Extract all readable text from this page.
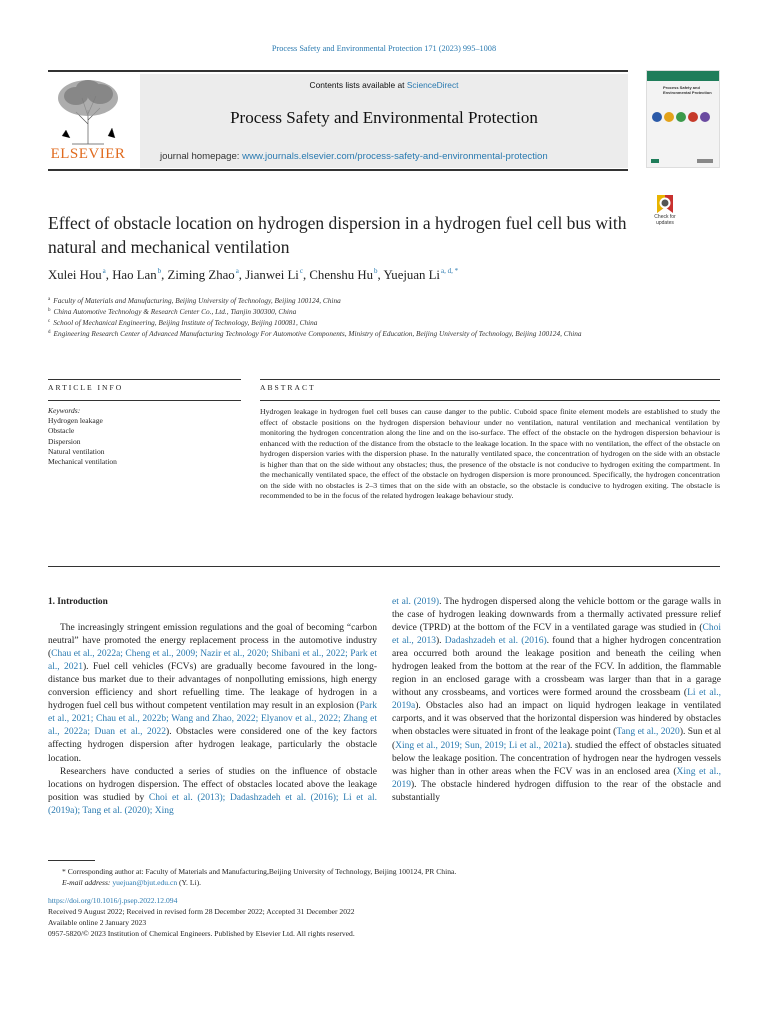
Process Safety and Environmental Protection 171 (2023) 995–1008
ELSEVIER
Contents lists available at ScienceDirect
Process Safety and Environmental Protection
journal homepage: www.journals.elsevier.com/process-safety-and-environmental-protection
Process Safety and Environmental Protection
Check for updates
Effect of obstacle location on hydrogen dispersion in a hydrogen fuel cell bus with natural and mechanical ventilation
Xulei Hou$^a$, Hao Lan$^b$, Ziming Zhao$^a$, Jianwei Li$^c$, Chenshu Hu$^b$, Yuejuan $Li^{a, d, *}$
$^a$ Faculty of Materials and Manufacturing, Beijing University of Technology, Beijing 100124, China
$^b$ China Automotive Technology & Research Center Co., Ltd., Tianjin 300300, China
$^c$ School of Mechanical Engineering, Beijing Institute of Technology, Beijing 100081, China
$^d$ Engineering Research Center of Advanced Manufacturing Technology For Automotive Components, Ministry of Education, Beijing University of Technology, Beijing 100124, China
ARTICLE INFO	ABSTRACT
Keywords:
Hydrogen leakage
Obstacle
Dispersion
Natural ventilation
Mechanical ventilation
Hydrogen leakage in hydrogen fuel cell buses can cause danger to the public. Cuboid space finite element models are established to study the effect of obstacle positions on the hydrogen dispersion behaviour under no ventilation, natural ventilation and mechanical ventilation by monitoring the hydrogen concentration along the line and on the iso-surface. The effect of the obstacle on the hydrogen dispersion behaviour is enhanced with the reduction of the distance from the obstacle to the leakage location. In the space with no ventilation, the effect of the obstacle on hydrogen dispersion varies with the dispersion phase. In the naturally ventilated space, the concentration of hydrogen on the side with an obstacle is higher than that on the side without any obstacles; thus, the presence of the obstacle is not conducive to hydrogen exiting the compartment. In the mechanically ventilated space, the effect of the obstacle on hydrogen dispersion is more pronounced. Specifically, the hydrogen concentration on the side with no obstacles is 2–3 times that on the side with an obstacle, so the obstacle is conducive to hydrogen exiting. The obstacle is recommended to be in the focus of the related hydrogen leakage behaviour study.
1. Introduction

The increasingly stringent emission regulations and the goal of becoming “carbon neutral” have promoted the energy replacement process in the automotive industry (Chau et al., 2022a; Cheng et al., 2009; Nazir et al., 2020; Shibani et al., 2022; Park et al., 2021). Fuel cell vehicles (FCVs) are gradually become favoured in the long-distance bus market due to their advantages of nonpolluting emissions, high energy conversion efficiency and short refuelling time. The leakage of hydrogen in a hydrogen fuel cell bus without competent ventilation may result in an explosion (Park et al., 2021; Chau et al., 2022b; Wang and Zhao, 2022; Elyanov et al., 2022; Zhang et al., 2022a; Duan et al., 2022). Obstacles were considered one of the key factors affecting hydrogen dispersion after hydrogen leakage, particularly the obstacle location.

Researchers have conducted a series of studies on the influence of obstacle locations on hydrogen dispersion. The effect of obstacles located above the leakage position was studied by Choi et al. (2013); Dadashzadeh et al. (2016); Li et al. (2019a); Tang et al. (2020); Xing

et al. (2019). The hydrogen dispersed along the vehicle bottom or the garage walls in the case of hydrogen leaking downwards from a thermally activated pressure relief device (TPRD) at the bottom of the FCV in a ventilated garage was studied in (Choi et al., 2013). Dadashzadeh et al. (2016). found that a higher hydrogen concentration area occurred both around the leakage position and beneath the ceiling when hydrogen leaked from the bottom at the rear of the FCV. In addition, the flammable region in an enclosed garage with a crossbeam was larger than that in a garage without any crossbeams, and vortices were formed around the crossbeam (Li et al., 2019a). Obstacles also had an impact on liquid hydrogen leakage in ventilated carports, and it was observed that the horizontal dispersion was hindered by obstacles when obstacles were situated in front of the leakage point (Tang et al., 2020). Sun et al (Xing et al., 2019; Sun, 2019; Li et al., 2021a). studied the effect of obstacles situated below the leakage position. The concentration of hydrogen near the hydrogen vessels was higher than in other areas when the FCV was in an enclosed area (Xing et al., 2019). The obstacle hindered hydrogen diffusion to the rear of the obstacle and substantially

* Corresponding author at: Faculty of Materials and Manufacturing,Beijing University of Technology, Beijing 100124, PR China.
E-mail address: yuejuan@bjut.edu.cn (Y. Li).
https://doi.org/10.1016/j.psep.2022.12.094
Received 9 August 2022; Received in revised form 28 December 2022; Accepted 31 December 2022
Available online 2 January 2023
0957-5820/© 2023 Institution of Chemical Engineers. Published by Elsevier Ltd. All rights reserved.
